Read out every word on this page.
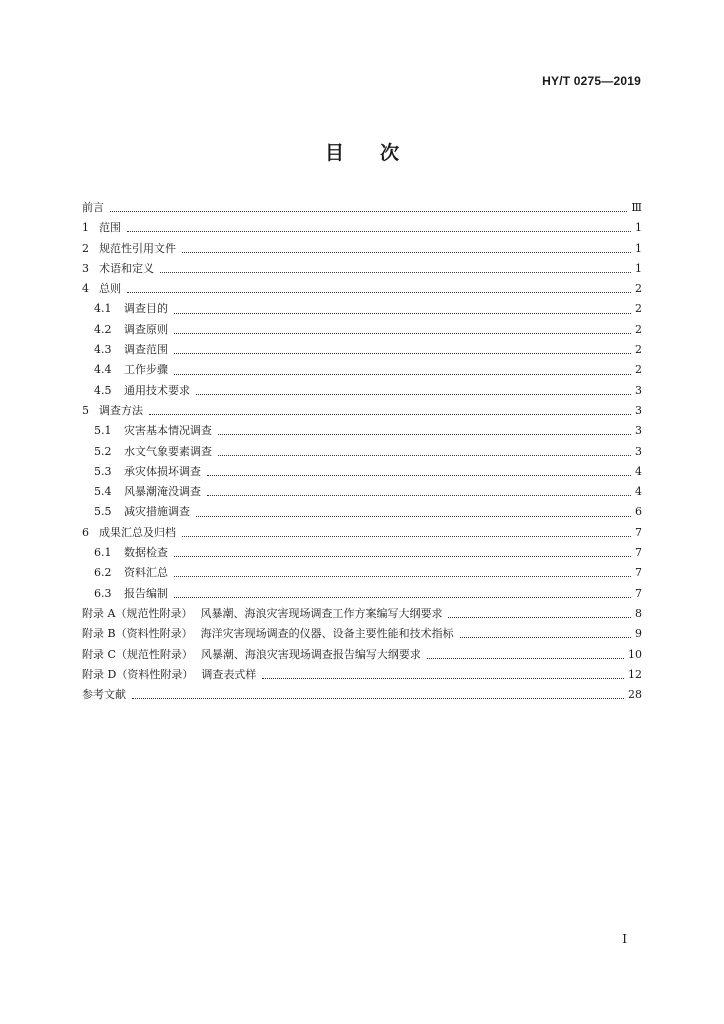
HY/T 0275—2019
目次
前言	Ⅲ
1 范围	1
2 规范性引用文件	1
3 术语和定义	1
4 总则	2
4.1	调查目的	2
4.2	调查原则	2
4.3	调查范围	2
4.4	工作步骤	2
4.5	通用技术要求	3
5 调查方法	3
5.1	灾害基本情况调查	3
5.2	水文气象要素调查	3
5.3	承灾体损坏调查	4
5.4	风暴潮淹没调查	4
5.5	减灾措施调查	6
6 成果汇总及归档	7
6.1	数据检查	7
6.2	资料汇总	7
6.3	报告编制	7
附录 A （规范性附录） 风暴潮、海浪灾害现场调查工作方案编写大纲要求	8
附录 B （资料性附录） 海洋灾害现场调查的仪器、设备主要性能和技术指标	9
附录 C （规范性附录） 风暴潮、海浪灾害现场调查报告编写大纲要求	10
附录 D （资料性附录） 调查表式样	12
参考文献	28
I
